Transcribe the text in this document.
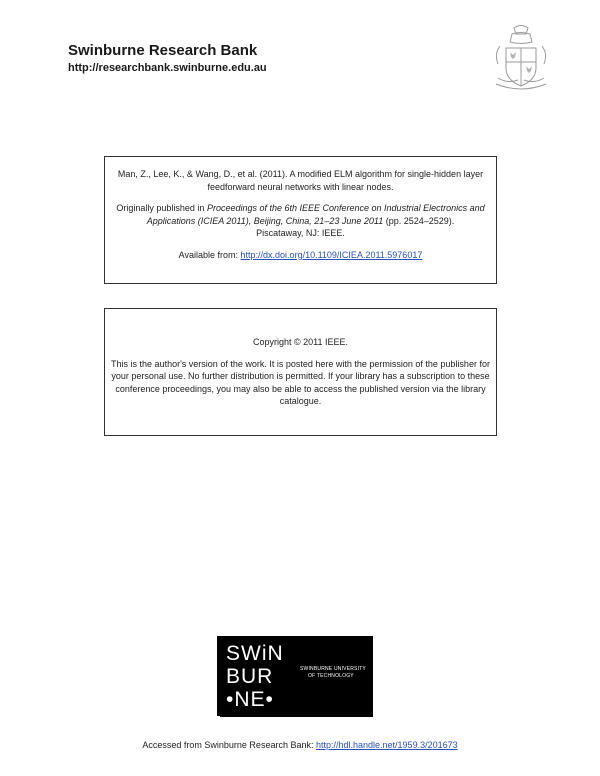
Swinburne Research Bank
http://researchbank.swinburne.edu.au

Man, Z., Lee, K., & Wang, D., et al. (2011). A modified ELM algorithm for single-hidden layer

feedforward neural networks with linear nodes.

Originally published in Proceedings of the 6th IEEE Conference on Industrial Electronics and Applications (ICIEA 2011), Beijing, China, 21–23 June 2011 (pp. 2524–2529).

Piscataway, NJ: IEEE.

Available from: http://dx.doi.org/10.1109/ICIEA.2011.5976017

Copyright © 2011 IEEE.

This is the author's version of the work. It is posted here with the permission of the publisher for your personal use. No further distribution is permitted. If your library has a subscription to these conference proceedings, you may also be able to access the published version via the library catalogue.

SWiN
BUR
•NE•
SWINBURNE UNIVERSITY
OF TECHNOLOGY
Accessed from Swinburne Research Bank: http://hdl.handle.net/1959.3/201673
